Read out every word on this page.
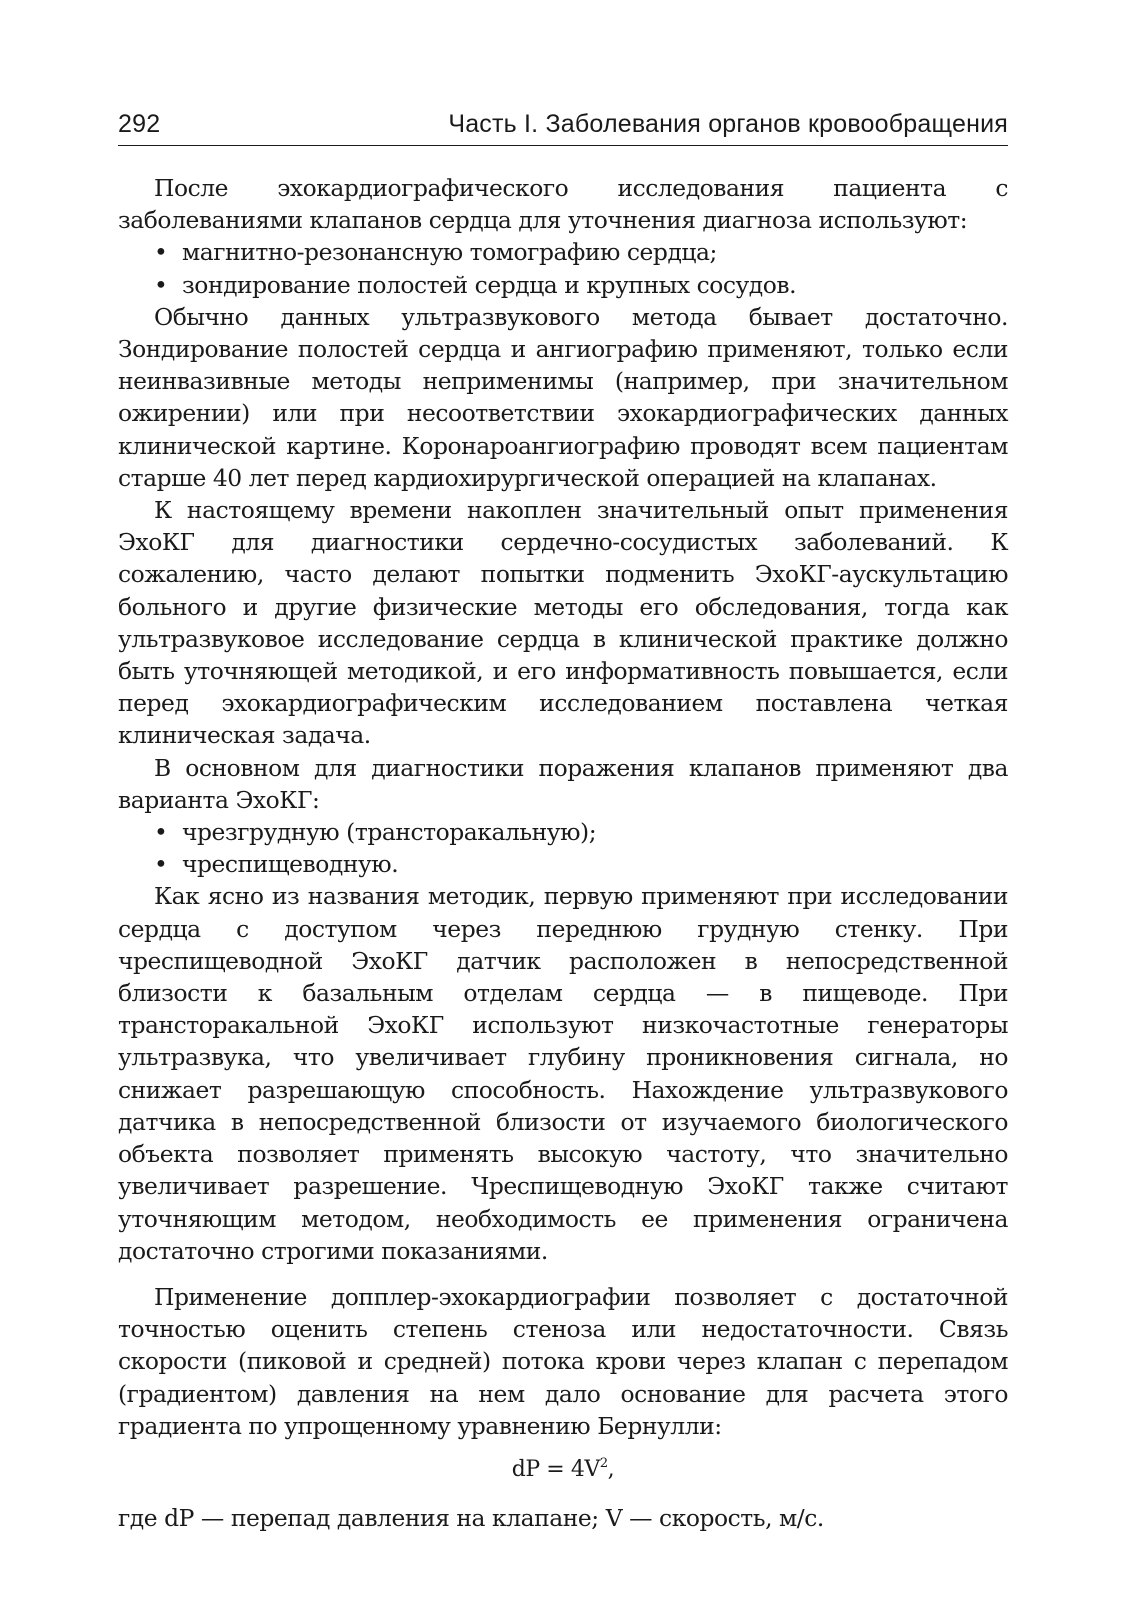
292	Часть I. Заболевания органов кровообращения

После эхокардиографического исследования пациента с заболеваниями клапанов сердца для уточнения диагноза используют:

• магнитно-резонансную томографию сердца;
• зондирование полостей сердца и крупных сосудов.

Обычно данных ультразвукового метода бывает достаточно. Зондирование полостей сердца и ангиографию применяют, только если неинвазивные методы неприменимы (например, при значительном ожирении) или при несоответствии эхокардиографических данных клинической картине. Коронароангиографию проводят всем пациентам старше 40 лет перед кардиохирургической операцией на клапанах.

К настоящему времени накоплен значительный опыт применения ЭхоКГ для диагностики сердечно-сосудистых заболеваний. К сожалению, часто делают попытки подменить ЭхоКГ-аускультацию больного и другие физические методы его обследования, тогда как ультразвуковое исследование сердца в клинической практике должно быть уточняющей методикой, и его информативность повышается, если перед эхокардиографическим исследованием поставлена четкая клиническая задача.

В основном для диагностики поражения клапанов применяют два варианта ЭхоКГ:

• чрезгрудную (трансторакальную);
• чреспищеводную.

Как ясно из названия методик, первую применяют при исследовании сердца с доступом через переднюю грудную стенку. При чреспищеводной ЭхоКГ датчик расположен в непосредственной близости к базальным отделам сердца — в пищеводе. При трансторакальной ЭхоКГ используют низкочастотные генераторы ультразвука, что увеличивает глубину проникновения сигнала, но снижает разрешающую способность. Нахождение ультразвукового датчика в непосредственной близости от изучаемого биологического объекта позволяет применять высокую частоту, что значительно увеличивает разрешение. Чреспищеводную ЭхоКГ также считают уточняющим методом, необходимость ее применения ограничена достаточно строгими показаниями.

Применение допплер-эхокардиографии позволяет с достаточной точностью оценить степень стеноза или недостаточности. Связь скорости (пиковой и средней) потока крови через клапан с перепадом (градиентом) давления на нем дало основание для расчета этого градиента по упрощенному уравнению Бернулли:

dP = $4V^2$,

где dP — перепад давления на клапане; V — скорость, м/с.
